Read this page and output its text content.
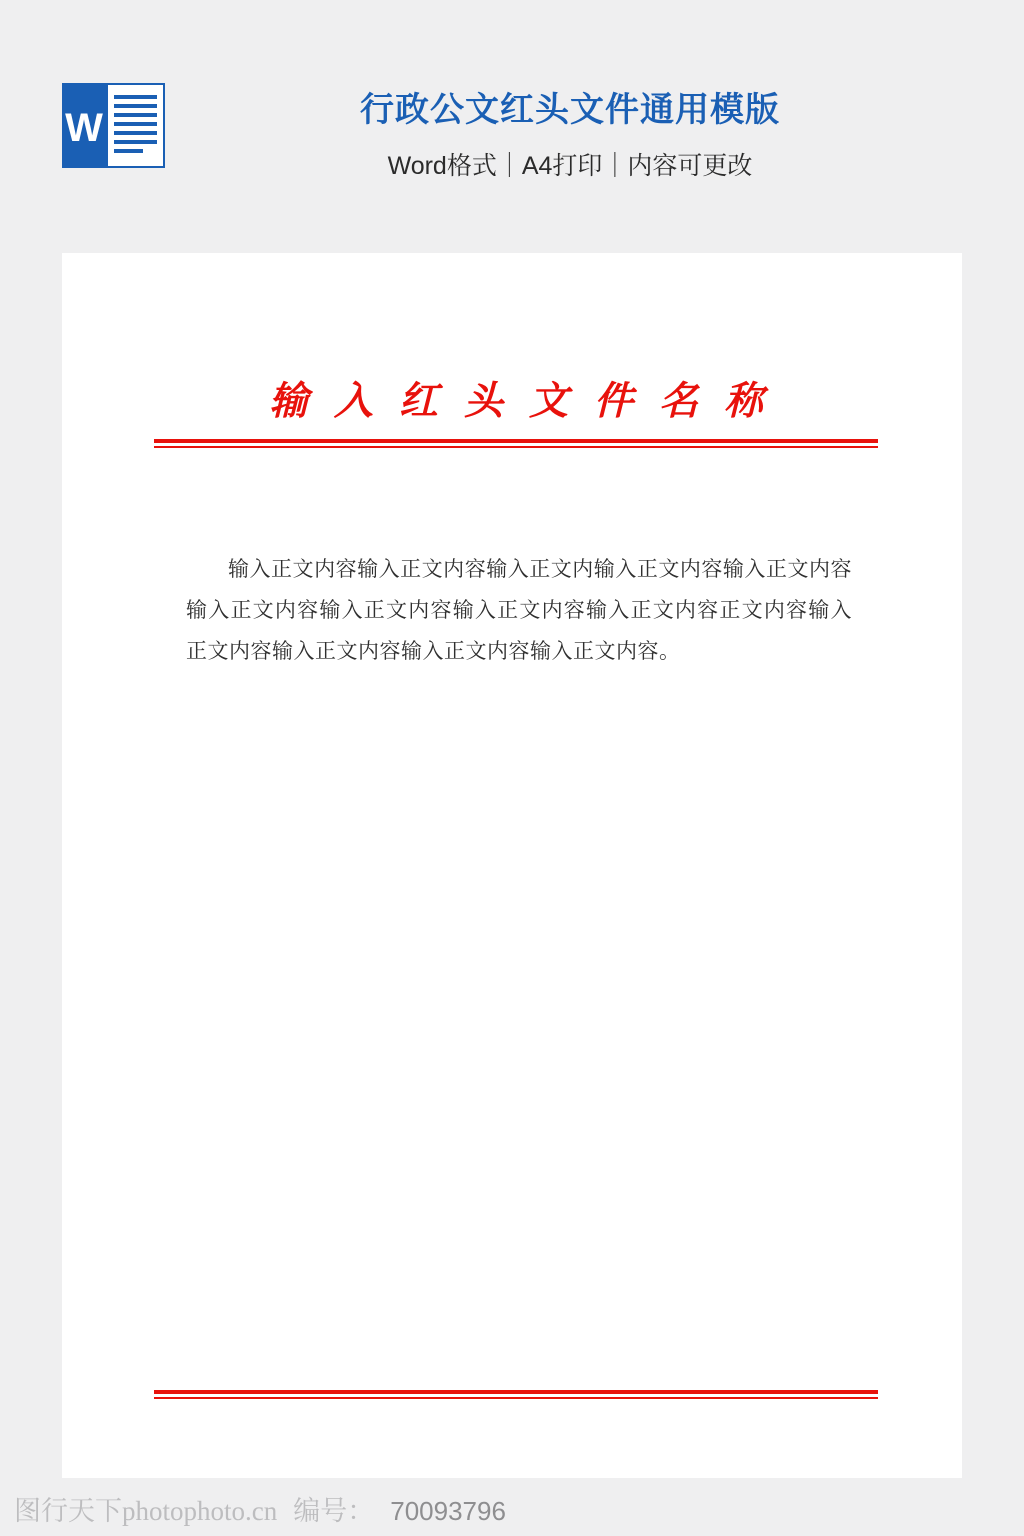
W	行政公文红头文件通用模版
Word格式｜A4打印｜内容可更改
输入红头文件名称

输入正文内容输入正文内容输入正文内输入正文内容输入正文内容输入正文内容输入正文内容输入正文内容输入正文内容正文内容输入正文内容输入正文内容输入正文内容输入正文内容。

图行天下photophoto.cn 编号： 70093796
